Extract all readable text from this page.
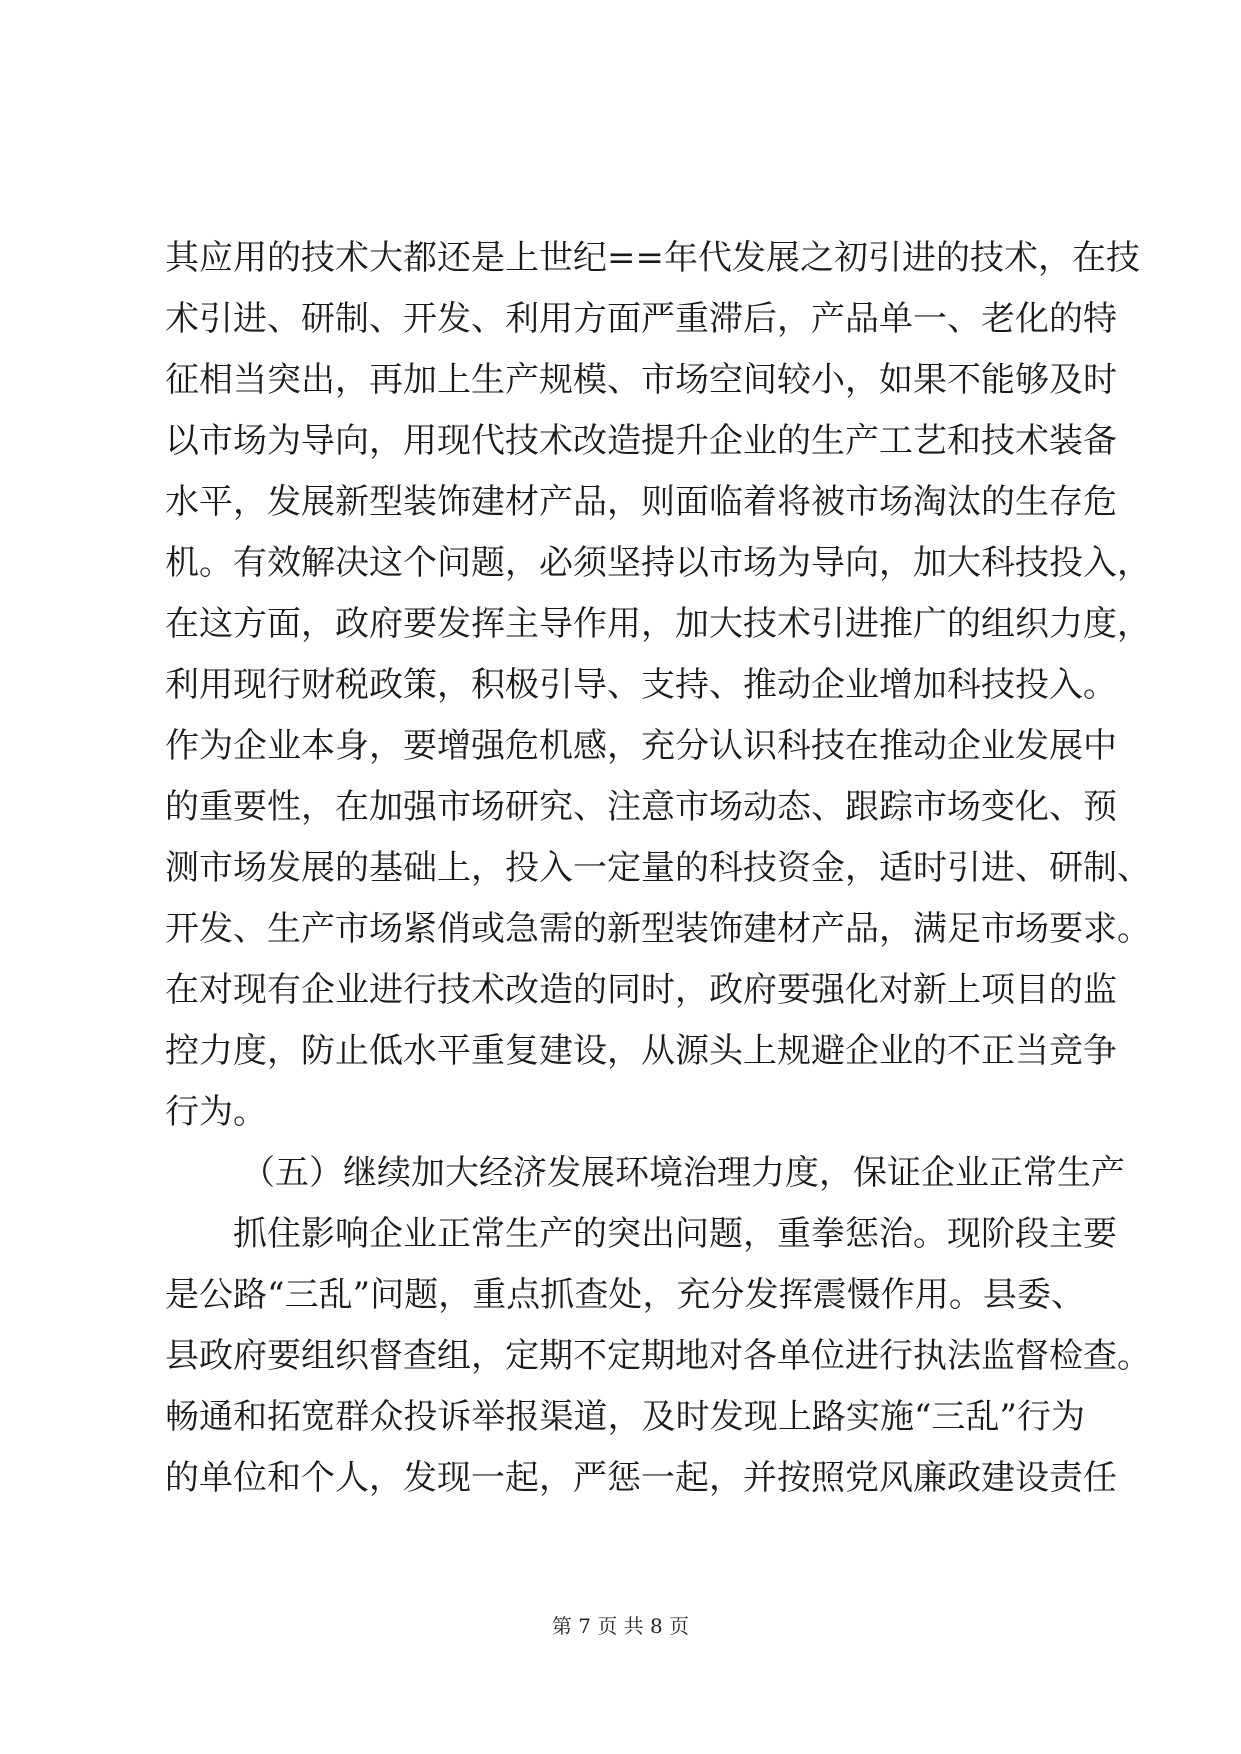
其应用的技术大都还是上世纪==年代发展之初引进的技术，在技
术引进、研制、开发、利用方面严重滞后，产品单一、老化的特
征相当突出，再加上生产规模、市场空间较小，如果不能够及时
以市场为导向，用现代技术改造提升企业的生产工艺和技术装备
水平，发展新型装饰建材产品，则面临着将被市场淘汰的生存危
机。有效解决这个问题，必须坚持以市场为导向，加大科技投入，
在这方面，政府要发挥主导作用，加大技术引进推广的组织力度，
利用现行财税政策，积极引导、支持、推动企业增加科技投入。
作为企业本身，要增强危机感，充分认识科技在推动企业发展中
的重要性，在加强市场研究、注意市场动态、跟踪市场变化、预
测市场发展的基础上，投入一定量的科技资金，适时引进、研制、
开发、生产市场紧俏或急需的新型装饰建材产品，满足市场要求。
在对现有企业进行技术改造的同时，政府要强化对新上项目的监
控力度，防止低水平重复建设，从源头上规避企业的不正当竞争
行为。
（五）继续加大经济发展环境治理力度，保证企业正常生产
抓住影响企业正常生产的突出问题，重拳惩治。现阶段主要
是公路“三乱”问题，重点抓查处，充分发挥震慑作用。县委、
县政府要组织督查组，定期不定期地对各单位进行执法监督检查。
畅通和拓宽群众投诉举报渠道，及时发现上路实施“三乱”行为
的单位和个人，发现一起，严惩一起，并按照党风廉政建设责任
第 7 页 共 8 页
